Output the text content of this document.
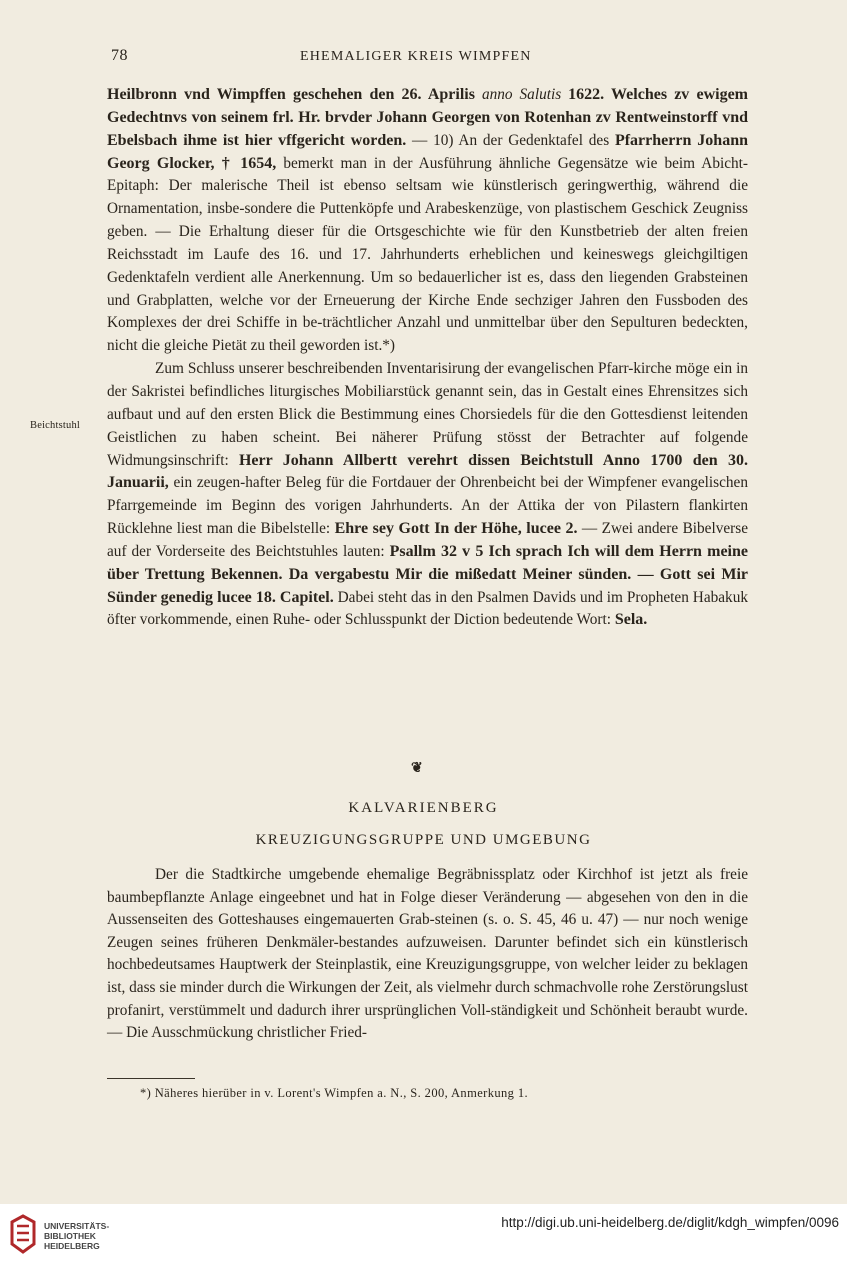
78	EHEMALIGER KREIS WIMPFEN
Beichtstuhl

Heilbronn vnd Wimpffen geschehen den 26. Aprilis anno Salutis 1622. Welches zv ewigem Gedechtnvs von seinem frl. Hr. brvder Johann Georgen von Rotenhan zv Rentweinstorff vnd Ebelsbach ihme ist hier vffgericht worden. — 10) An der Gedenktafel des Pfarrherrn Johann Georg Glocker, † 1654, bemerkt man in der Ausführung ähnliche Gegensätze wie beim Abicht-Epitaph: Der malerische Theil ist ebenso seltsam wie künstlerisch geringwerthig, während die Ornamentation, insbe-sondere die Puttenköpfe und Arabeskenzüge, von plastischem Geschick Zeugniss geben. — Die Erhaltung dieser für die Ortsgeschichte wie für den Kunstbetrieb der alten freien Reichsstadt im Laufe des 16. und 17. Jahrhunderts erheblichen und keineswegs gleichgiltigen Gedenktafeln verdient alle Anerkennung. Um so bedauerlicher ist es, dass den liegenden Grabsteinen und Grabplatten, welche vor der Erneuerung der Kirche Ende sechziger Jahren den Fussboden des Komplexes der drei Schiffe in be-trächtlicher Anzahl und unmittelbar über den Sepulturen bedeckten, nicht die gleiche Pietät zu theil geworden ist.*)

Zum Schluss unserer beschreibenden Inventarisirung der evangelischen Pfarr-kirche möge ein in der Sakristei befindliches liturgisches Mobiliarstück genannt sein, das in Gestalt eines Ehrensitzes sich aufbaut und auf den ersten Blick die Bestimmung eines Chorsiedels für die den Gottesdienst leitenden Geistlichen zu haben scheint. Bei näherer Prüfung stösst der Betrachter auf folgende Widmungsinschrift: Herr Johann Allbertt verehrt dissen Beichtstull Anno 1700 den 30. Januarii, ein zeugen-hafter Beleg für die Fortdauer der Ohrenbeicht bei der Wimpfener evangelischen Pfarrgemeinde im Beginn des vorigen Jahrhunderts. An der Attika der von Pilastern flankirten Rücklehne liest man die Bibelstelle: Ehre sey Gott In der Höhe, lucee 2. — Zwei andere Bibelverse auf der Vorderseite des Beichtstuhles lauten: Psallm 32 v 5 Ich sprach Ich will dem Herrn meine über Trettung Bekennen. Da vergabestu Mir die mißedatt Meiner sünden. — Gott sei Mir Sünder genedig lucee 18. Capitel. Dabei steht das in den Psalmen Davids und im Propheten Habakuk öfter vorkommende, einen Ruhe- oder Schlusspunkt der Diction bedeutende Wort: Sela.

❦
KALVARIENBERG
KREUZIGUNGSGRUPPE UND UMGEBUNG

Der die Stadtkirche umgebende ehemalige Begräbnissplatz oder Kirchhof ist jetzt als freie baumbepflanzte Anlage eingeebnet und hat in Folge dieser Veränderung — abgesehen von den in die Aussenseiten des Gotteshauses eingemauerten Grab-steinen (s. o. S. 45, 46 u. 47) — nur noch wenige Zeugen seines früheren Denkmäler-bestandes aufzuweisen. Darunter befindet sich ein künstlerisch hochbedeutsames Hauptwerk der Steinplastik, eine Kreuzigungsgruppe, von welcher leider zu beklagen ist, dass sie minder durch die Wirkungen der Zeit, als vielmehr durch schmachvolle rohe Zerstörungslust profanirt, verstümmelt und dadurch ihrer ursprünglichen Voll-ständigkeit und Schönheit beraubt wurde. — Die Ausschmückung christlicher Fried-

*) Näheres hierüber in v. Lorent's Wimpfen a. N., S. 200, Anmerkung 1.
UNIVERSITÄTS-
BIBLIOTHEK
HEIDELBERG
http://digi.ub.uni-heidelberg.de/diglit/kdgh_wimpfen/0096
